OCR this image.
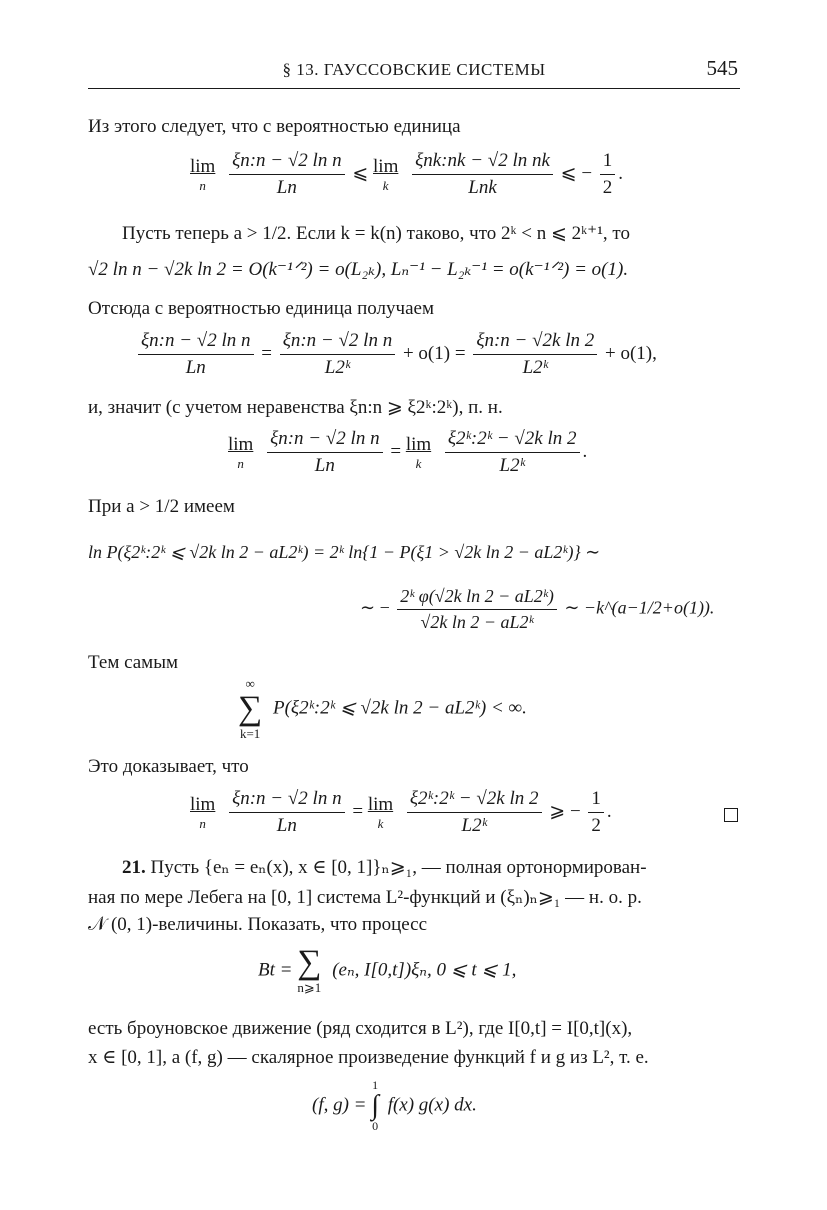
§ 13. ГАУССОВСКИЕ СИСТЕМЫ	545
Из этого следует, что с вероятностью единица
lim
n
	$\frac{\text{ξn:n − √2 ln n}}{Ln}$ ⩽ lim
k
	$\frac{\text{ξnk:nk − √2 ln nk}}{\text{Lnk}}$ ⩽ − $\frac{1}{2}$ .
Пусть теперь a > 1/2. Если k = k(n) таково, что 2ᵏ < n ⩽ 2ᵏ⁺¹, то
√2 ln n − √2k ln 2 = O(k⁻¹ᐟ²) = o(L₂ₖ), Lₙ⁻¹ − L₂ₖ⁻¹ = o(k⁻¹ᐟ²) = o(1).
Отсюда с вероятностью единица получаем
$\frac{\text{ξn:n − √2 ln n}}{Ln} = \frac{\text{ξn:n − √2 ln n}}{\text{L2ᵏ}} + o(1) = \frac{\text{ξn:n − √2k ln 2}}{\text{L2ᵏ}} + o(1)$,
и, значит (с учетом неравенства ξn:n ⩾ ξ2ᵏ:2ᵏ), п. н.
lim
n
	$\frac{\text{ξn:n − √2 ln n}}{Ln} = \lim$
k
	$\frac{\text{ξ2ᵏ:2ᵏ − √2k ln 2}}{\text{L2ᵏ}}$ .
При a > 1/2 имеем
ln P(ξ2ᵏ:2ᵏ ⩽ √2k ln 2 − aL2ᵏ) = 2ᵏ ln{1 − P(ξ1 > √2k ln 2 − aL2ᵏ)} ∼
∼ − $\frac{\text{2ᵏ φ(√2k ln 2 − aL2ᵏ)}}{\text{√2k ln 2 − aL2ᵏ}}$ ∼ −k^(a−1/2+o(1)).
Тем самым
∞
∑
k=1
P(ξ2ᵏ:2ᵏ ⩽ √2k ln 2 − aL2ᵏ) < ∞.
Это доказывает, что
lim
n
	$\frac{\text{ξn:n − √2 ln n}}{Ln} = \lim$
k
	$\frac{\text{ξ2ᵏ:2ᵏ − √2k ln 2}}{\text{L2ᵏ}}$ ⩾ − $\frac{1}{2}$ .
21. Пусть {eₙ = eₙ(x), x ∈ [0, 1]}ₙ⩾₁, — полная ортонормирован-
ная по мере Лебега на [0, 1] система L²-функций и (ξₙ)ₙ⩾₁ — н. о. р.
𝒩 (0, 1)-величины. Показать, что процесс
Bt = ∑
n⩾1
(eₙ, I[0,t])ξₙ, 0 ⩽ t ⩽ 1,
есть броуновское движение (ряд сходится в L²), где I[0,t] = I[0,t](x),
x ∈ [0, 1], а (f, g) — скалярное произведение функций f и g из L², т. е.
(f, g) =
1
∫
0
f(x) g(x) dx.
